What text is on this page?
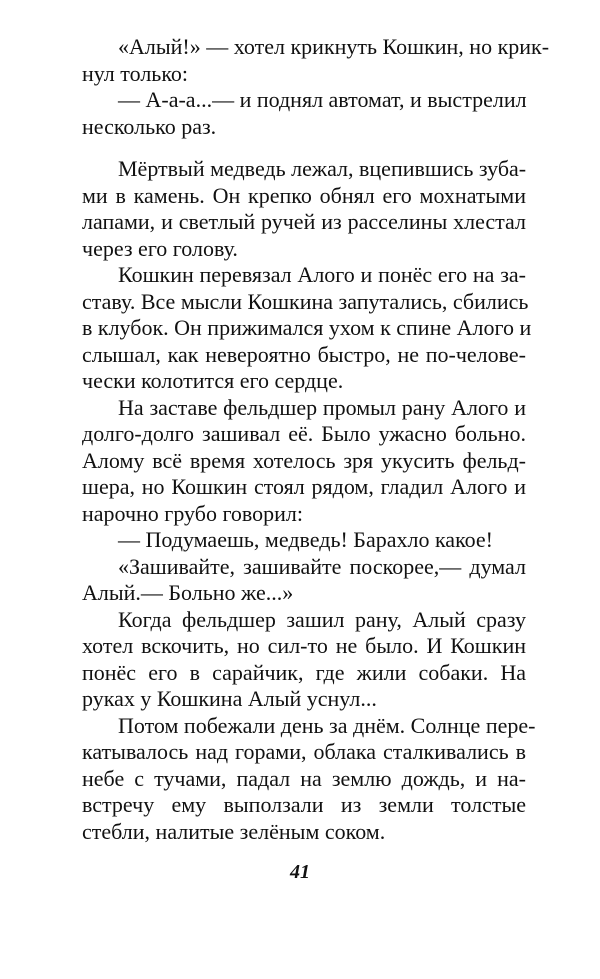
«Алый!» — хотел крикнуть Кошкин, но крик-
нул только:
— А-а-а...— и поднял автомат, и выстрелил
несколько раз.
Мёртвый медведь лежал, вцепившись зуба-
ми в камень. Он крепко обнял его мохнатыми
лапами, и светлый ручей из расселины хлестал
через его голову.
Кошкин перевязал Алого и понёс его на за-
ставу. Все мысли Кошкина запутались, сбились
в клубок. Он прижимался ухом к спине Алого и
слышал, как невероятно быстро, не по-челове-
чески колотится его сердце.
На заставе фельдшер промыл рану Алого и
долго-долго зашивал её. Было ужасно больно.
Алому всё время хотелось зря укусить фельд-
шера, но Кошкин стоял рядом, гладил Алого и
нарочно грубо говорил:
— Подумаешь, медведь! Барахло какое!
«Зашивайте, зашивайте поскорее,— думал
Алый.— Больно же...»
Когда фельдшер зашил рану, Алый сразу
хотел вскочить, но сил-то не было. И Кошкин
понёс его в сарайчик, где жили собаки. На
руках у Кошкина Алый уснул...
Потом побежали день за днём. Солнце пере-
катывалось над горами, облака сталкивались в
небе с тучами, падал на землю дождь, и на-
встречу ему выползали из земли толстые
стебли, налитые зелёным соком.
41
